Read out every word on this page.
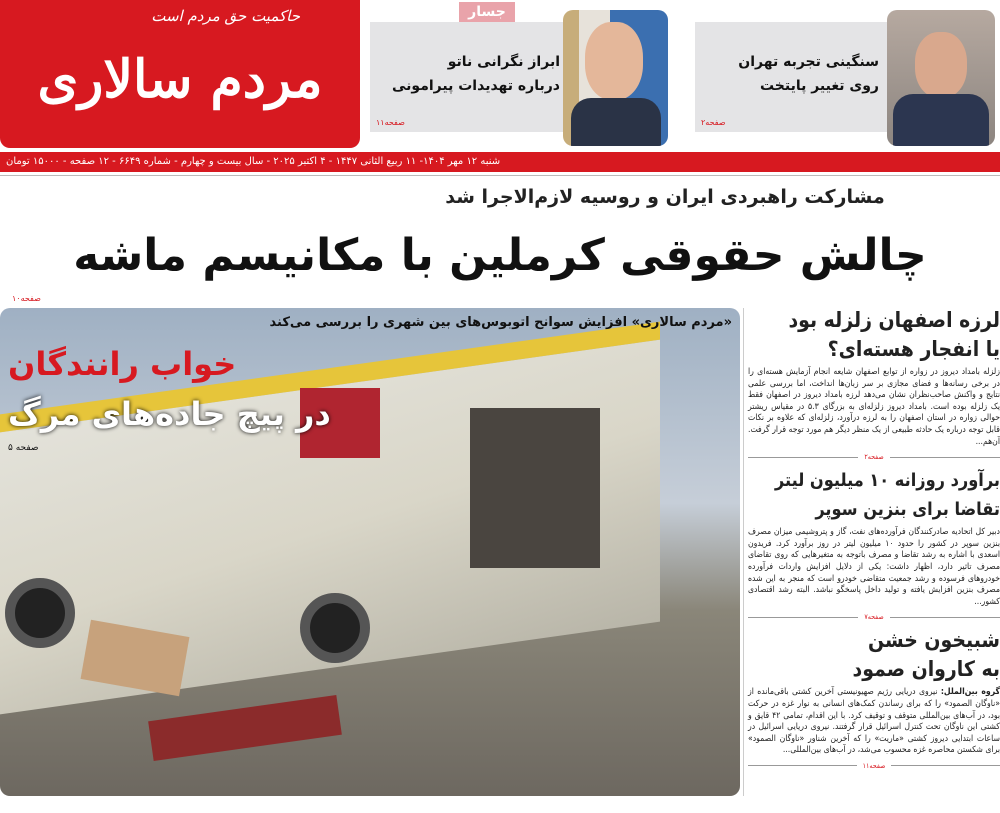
حاکمیت حق مردم است
مردم سالاری	ابراز نگرانی ناتو
درباره تهدیدات پیرامونی
صفحه۱۱
جسار
سنگینی تجربه تهران
روی تغییر پایتخت
صفحه۲
شنبه ۱۲ مهر ۱۴۰۴- ۱۱ ربیع الثانی ۱۴۴۷ - ۴ اکتبر ۲۰۲۵ - سال بیست و چهارم - شماره ۶۶۴۹ - ۱۲ صفحه - ۱۵۰۰۰ تومان
مشارکت راهبردی ایران و روسیه لازم‌الاجرا شد
چالش حقوقی کرملین با مکانیسم ماشه
صفحه۱۰
«مردم سالاری» افزایش سوانح اتوبوس‌های بین شهری را بررسی می‌کند
خواب رانندگان
در پیچ جاده‌های مرگ
صفحه ۵
لرزه اصفهان زلزله بود
یا انفجار هسته‌ای؟

زلزله بامداد دیروز در زواره از توابع اصفهان شایعه انجام آزمایش هسته‌ای را در برخی رسانه‌ها و فضای مجازی بر سر زبان‌ها انداخت، اما بررسی علمی نتایج و واکنش صاحب‌نظران نشان می‌دهد لرزه بامداد دیروز در اصفهان فقط یک زلزله بوده است. بامداد دیروز زلزله‌ای به بزرگای ۵.۳ در مقیاس ریشتر حوالی زواره در استان اصفهان را به لرزه درآورد، زلزله‌ای که علاوه بر نکات قابل توجه درباره یک حادثه طبیعی از یک منظر دیگر هم مورد توجه قرار گرفت. آن‌هم...

صفحه۲
برآورد روزانه ۱۰ میلیون لیتر
تقاضا برای بنزین سوپر

دبیر کل اتحادیه صادرکنندگان فرآورده‌های نفت، گاز و پتروشیمی میزان مصرف بنزین سوپر در کشور را حدود ۱۰ میلیون لیتر در روز برآورد کرد. فریدون اسعدی با اشاره به رشد تقاضا و مصرف باتوجه به متغیرهایی که روی تقاضای مصرف تاثیر دارد، اظهار داشت: یکی از دلایل افزایش واردات فرآورده خودروهای فرسوده و رشد جمعیت متقاضی خودرو است که منجر به این شده مصرف بنزین افزایش یافته و تولید داخل پاسخگو نباشد. البته رشد اقتصادی کشور...

صفحه۷
شبیخون خشن
به کاروان صمود

گروه بین‌الملل: نیروی دریایی رژیم صهیونیستی آخرین کشتی باقی‌مانده از «ناوگان الصمود» را که برای رساندن کمک‌های انسانی به نوار غزه در حرکت بود، در آب‌های بین‌المللی متوقف و توقیف کرد. با این اقدام، تمامی ۴۲ قایق و کشتی این ناوگان تحت کنترل اسرائیل قرار گرفتند. نیروی دریایی اسرائیل در ساعات ابتدایی دیروز کشتی «ماریت» را که آخرین شناور «ناوگان الصمود» برای شکستن محاصره غزه محسوب می‌شد، در آب‌های بین‌المللی...

صفحه۱۱
